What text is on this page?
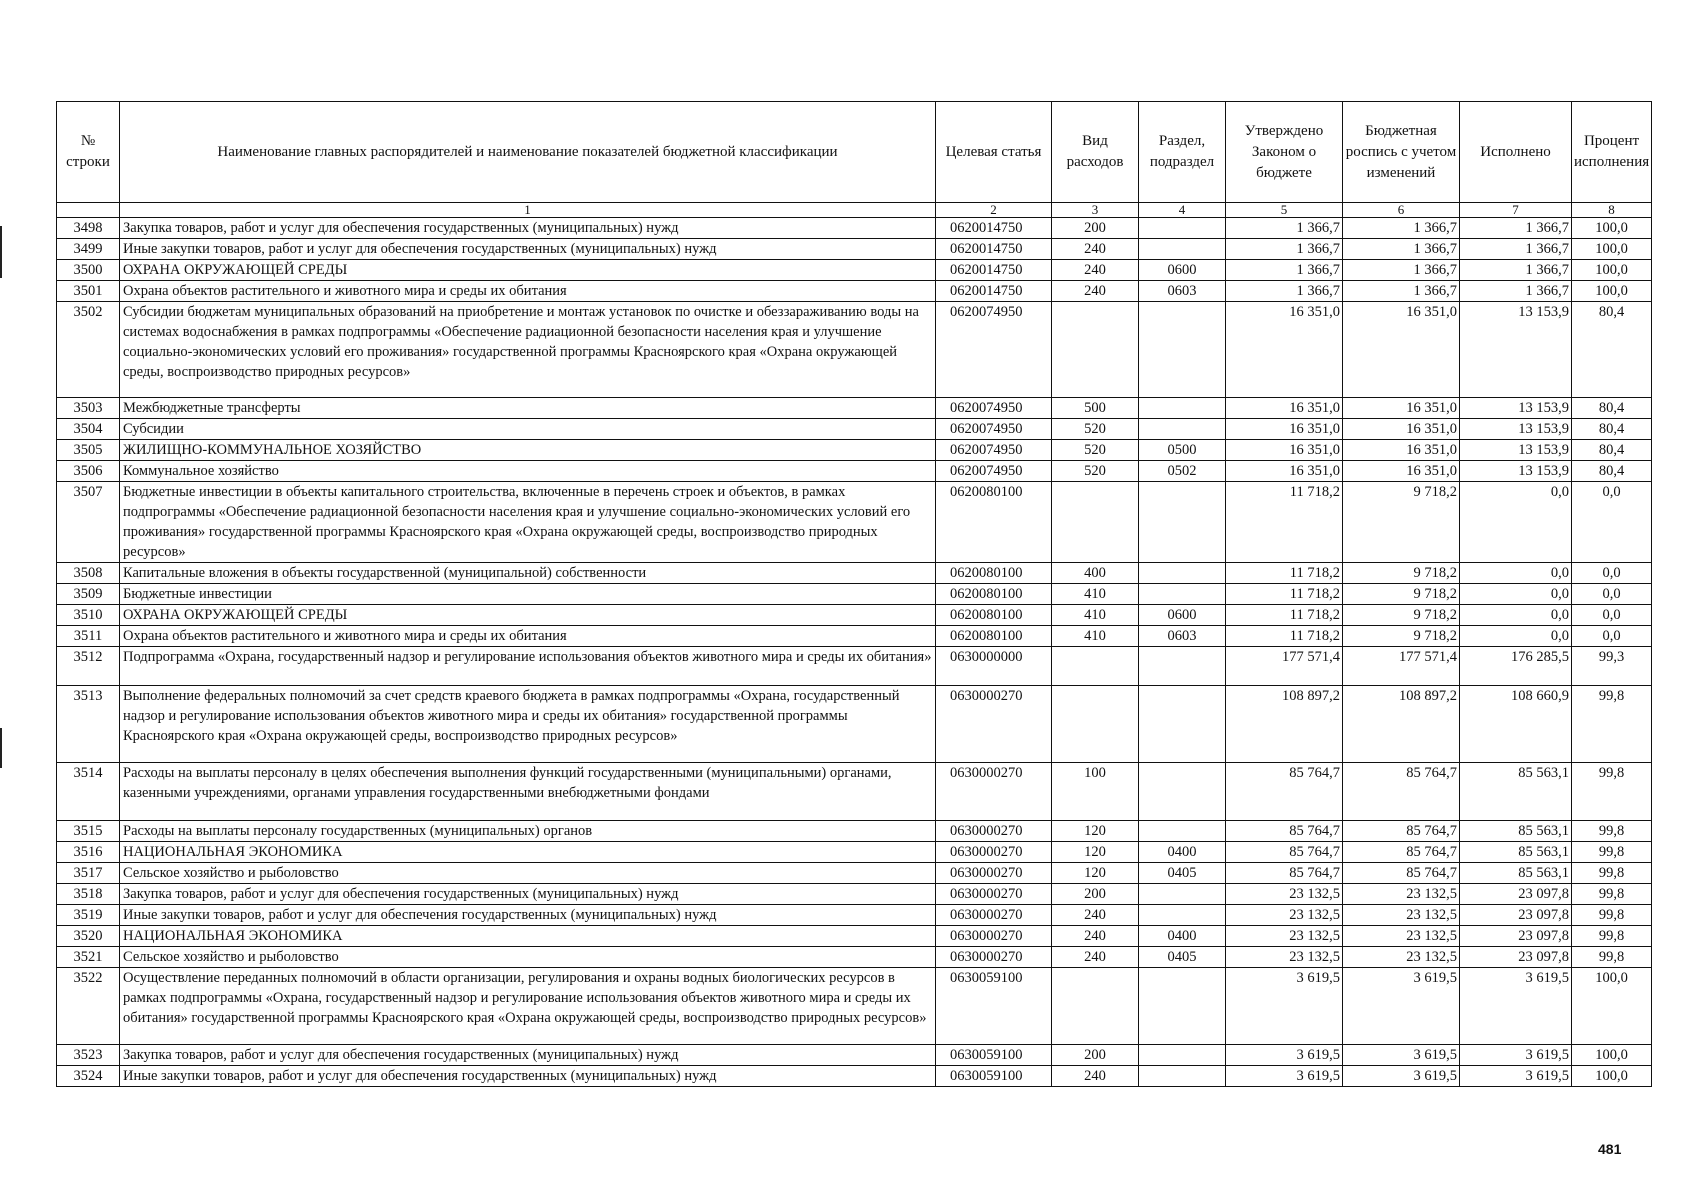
№ строки	Наименование главных распорядителей и наименование показателей бюджетной классификации	Целевая статья	Вид расходов	Раздел, подраздел	Утверждено Законом о бюджете	Бюджетная роспись с учетом изменений	Исполнено	Процент исполнения
	1	2	3	4	5	6	7	8
3498	Закупка товаров, работ и услуг для обеспечения государственных (муниципальных) нужд	0620014750	200		1 366,7	1 366,7	1 366,7	100,0
3499	Иные закупки товаров, работ и услуг для обеспечения государственных (муниципальных) нужд	0620014750	240		1 366,7	1 366,7	1 366,7	100,0
3500	ОХРАНА ОКРУЖАЮЩЕЙ СРЕДЫ	0620014750	240	0600	1 366,7	1 366,7	1 366,7	100,0
3501	Охрана объектов растительного и животного мира и среды их обитания	0620014750	240	0603	1 366,7	1 366,7	1 366,7	100,0
3502	Субсидии бюджетам муниципальных образований на приобретение и монтаж установок по очистке и обеззараживанию воды на системах водоснабжения в рамках подпрограммы «Обеспечение радиационной безопасности населения края и улучшение социально-экономических условий его проживания» государственной программы Красноярского края «Охрана окружающей среды, воспроизводство природных ресурсов»	0620074950			16 351,0	16 351,0	13 153,9	80,4
3503	Межбюджетные трансферты	0620074950	500		16 351,0	16 351,0	13 153,9	80,4
3504	Субсидии	0620074950	520		16 351,0	16 351,0	13 153,9	80,4
3505	ЖИЛИЩНО-КОММУНАЛЬНОЕ ХОЗЯЙСТВО	0620074950	520	0500	16 351,0	16 351,0	13 153,9	80,4
3506	Коммунальное хозяйство	0620074950	520	0502	16 351,0	16 351,0	13 153,9	80,4
3507	Бюджетные инвестиции в объекты капитального строительства, включенные в перечень строек и объектов, в рамках подпрограммы «Обеспечение радиационной безопасности населения края и улучшение социально-экономических условий его проживания» государственной программы Красноярского края «Охрана окружающей среды, воспроизводство природных ресурсов»	0620080100			11 718,2	9 718,2	0,0	0,0
3508	Капитальные вложения в объекты государственной (муниципальной) собственности	0620080100	400		11 718,2	9 718,2	0,0	0,0
3509	Бюджетные инвестиции	0620080100	410		11 718,2	9 718,2	0,0	0,0
3510	ОХРАНА ОКРУЖАЮЩЕЙ СРЕДЫ	0620080100	410	0600	11 718,2	9 718,2	0,0	0,0
3511	Охрана объектов растительного и животного мира и среды их обитания	0620080100	410	0603	11 718,2	9 718,2	0,0	0,0
3512	Подпрограмма «Охрана, государственный надзор и регулирование использования объектов животного мира и среды их обитания»	0630000000			177 571,4	177 571,4	176 285,5	99,3
3513	Выполнение федеральных полномочий за счет средств краевого бюджета в рамках подпрограммы «Охрана, государственный надзор и регулирование использования объектов животного мира и среды их обитания» государственной программы Красноярского края «Охрана окружающей среды, воспроизводство природных ресурсов»	0630000270			108 897,2	108 897,2	108 660,9	99,8
3514	Расходы на выплаты персоналу в целях обеспечения выполнения функций государственными (муниципальными) органами, казенными учреждениями, органами управления государственными внебюджетными фондами	0630000270	100		85 764,7	85 764,7	85 563,1	99,8
3515	Расходы на выплаты персоналу государственных (муниципальных) органов	0630000270	120		85 764,7	85 764,7	85 563,1	99,8
3516	НАЦИОНАЛЬНАЯ ЭКОНОМИКА	0630000270	120	0400	85 764,7	85 764,7	85 563,1	99,8
3517	Сельское хозяйство и рыболовство	0630000270	120	0405	85 764,7	85 764,7	85 563,1	99,8
3518	Закупка товаров, работ и услуг для обеспечения государственных (муниципальных) нужд	0630000270	200		23 132,5	23 132,5	23 097,8	99,8
3519	Иные закупки товаров, работ и услуг для обеспечения государственных (муниципальных) нужд	0630000270	240		23 132,5	23 132,5	23 097,8	99,8
3520	НАЦИОНАЛЬНАЯ ЭКОНОМИКА	0630000270	240	0400	23 132,5	23 132,5	23 097,8	99,8
3521	Сельское хозяйство и рыболовство	0630000270	240	0405	23 132,5	23 132,5	23 097,8	99,8
3522	Осуществление переданных полномочий в области организации, регулирования и охраны водных биологических ресурсов в рамках подпрограммы «Охрана, государственный надзор и регулирование использования объектов животного мира и среды их обитания» государственной программы Красноярского края «Охрана окружающей среды, воспроизводство природных ресурсов»	0630059100			3 619,5	3 619,5	3 619,5	100,0
3523	Закупка товаров, работ и услуг для обеспечения государственных (муниципальных) нужд	0630059100	200		3 619,5	3 619,5	3 619,5	100,0
3524	Иные закупки товаров, работ и услуг для обеспечения государственных (муниципальных) нужд	0630059100	240		3 619,5	3 619,5	3 619,5	100,0
481
